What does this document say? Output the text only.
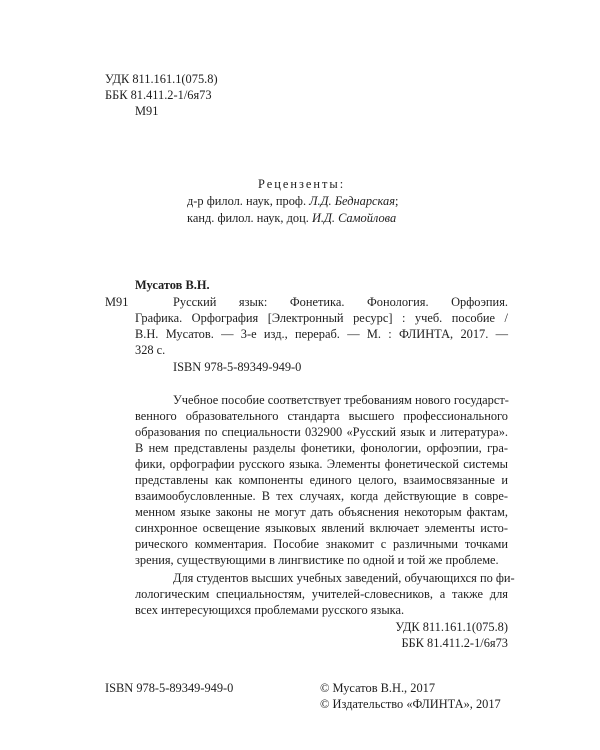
УДК 811.161.1(075.8)
ББК 81.411.2-1/6я73
М91
Рецензенты:
д-р филол. наук, проф. Л.Д. Беднарская;
канд. филол. наук, доц. И.Д. Самойлова
Мусатов В.Н.
М91	Русский язык: Фонетика. Фонология. Орфоэпия.
Графика. Орфография [Электронный ресурс] : учеб. пособие /
В.Н. Мусатов. — 3-е изд., перераб. — М. : ФЛИНТА, 2017. —
328 с.
ISBN 978-5-89349-949-0
Учебное пособие соответствует требованиям нового государст-
венного образовательного стандарта высшего профессионального
образования по специальности 032900 «Русский язык и литература».
В нем представлены разделы фонетики, фонологии, орфоэпии, гра-
фики, орфографии русского языка. Элементы фонетической системы
представлены как компоненты единого целого, взаимосвязанные и
взаимообусловленные. В тех случаях, когда действующие в совре-
менном языке законы не могут дать объяснения некоторым фактам,
синхронное освещение языковых явлений включает элементы исто-
рического комментария. Пособие знакомит с различными точками
зрения, существующими в лингвистике по одной и той же проблеме.
Для студентов высших учебных заведений, обучающихся по фи-
лологическим специальностям, учителей-словесников, а также для
всех интересующихся проблемами русского языка.
УДК 811.161.1(075.8)
ББК 81.411.2-1/6я73
ISBN 978-5-89349-949-0	© Мусатов В.Н., 2017
© Издательство «ФЛИНТА», 2017
